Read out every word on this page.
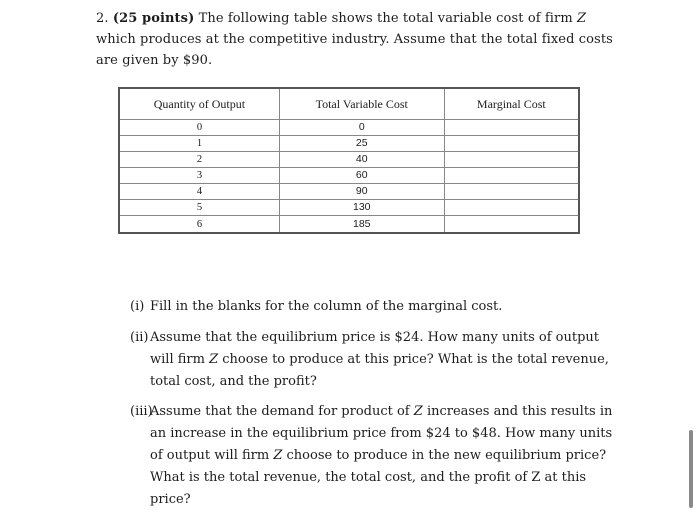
2. (25 points) The following table shows the total variable cost of firm Z which produces at the competitive industry. Assume that the total fixed costs are given by $90.
Quantity of Output	Total Variable Cost	Marginal Cost
0	0	
1	25	
2	40	
3	60	
4	90	
5	130	
6	185	
(i) Fill in the blanks for the column of the marginal cost.
(ii) Assume that the equilibrium price is $24. How many units of output will firm Z choose to produce at this price? What is the total revenue, total cost, and the profit?
(iii)
Assume that the demand for product of Z increases and this results in an increase in the equilibrium price from $24 to $48. How many units of output will firm Z choose to produce in the new equilibrium price? What is the total revenue, the total cost, and the profit of Z at this price?
